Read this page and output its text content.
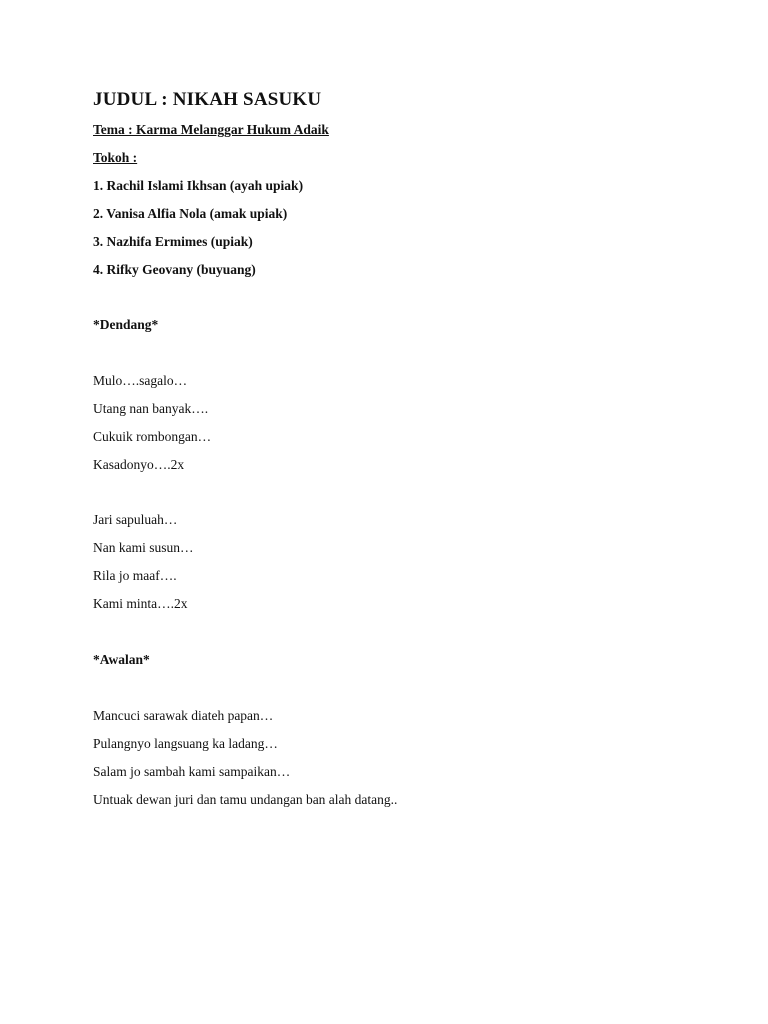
JUDUL : NIKAH SASUKU
Tema : Karma Melanggar Hukum Adaik
Tokoh :
1. Rachil Islami Ikhsan (ayah upiak)
2. Vanisa Alfia Nola (amak upiak)
3. Nazhifa Ermimes (upiak)
4. Rifky Geovany (buyuang)
*Dendang*
Mulo….sagalo…
Utang nan banyak….
Cukuik rombongan…
Kasadonyo….2x
Jari sapuluah…
Nan kami susun…
Rila jo maaf….
Kami minta….2x
*Awalan*
Mancuci sarawak diateh papan…
Pulangnyo langsuang ka ladang…
Salam jo sambah kami sampaikan…
Untuak dewan juri dan tamu undangan ban alah datang..
